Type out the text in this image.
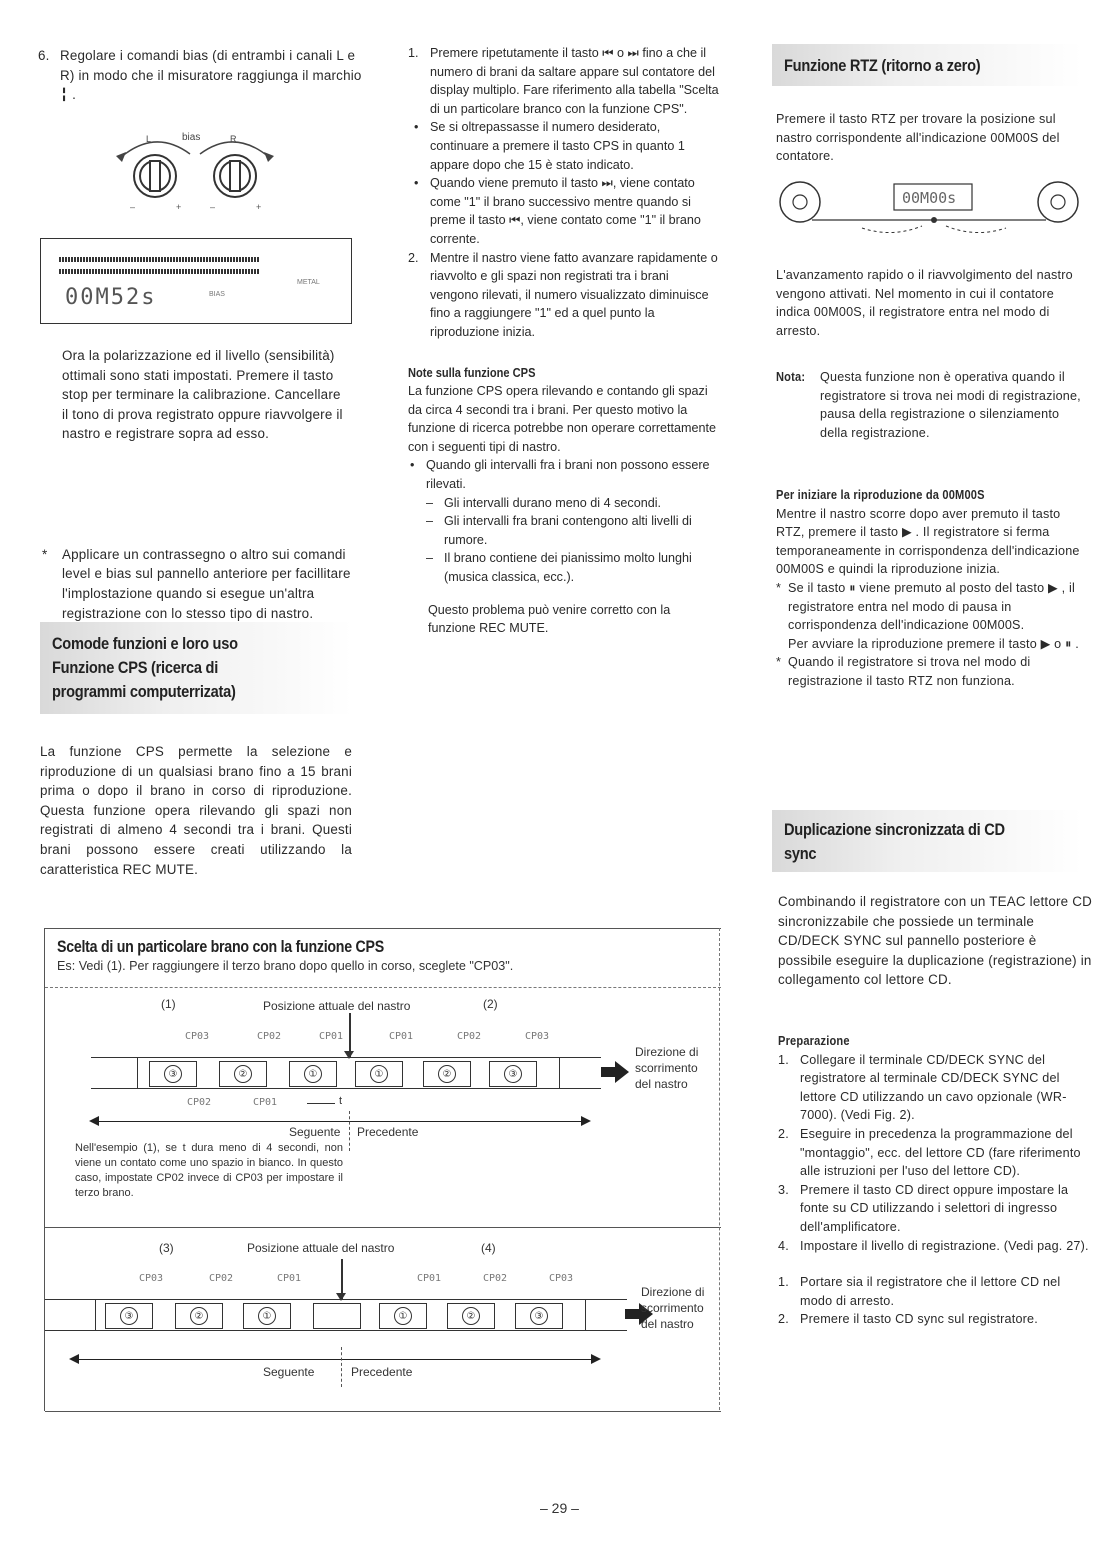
6. Regolare i comandi bias (di entrambi i canali L e R) in modo che il misuratore raggiunga il marchio ╏ .
bias
L	R
–	+	–	+
00M52s	BIAS
METAL
Ora la polarizzazione ed il livello (sensibilità) ottimali sono stati impostati. Premere il tasto stop per terminare la calibrazione. Cancellare il tono di prova registrato oppure riavvolgere il nastro e registrare sopra ad esso.
* Applicare un contrassegno o altro sui comandi level e bias sul pannello anteriore per facillitare l'implostazione quando si esegue un'altra registrazione con lo stesso tipo di nastro.
Comode funzioni e loro uso
Funzione CPS (ricerca di
programmi computerrizata)
La funzione CPS permette la selezione e riproduzione di un qualsiasi brano fino a 15 brani prima o dopo il brano in corso di riproduzione. Questa funzione opera rilevando gli spazi non registrati di almeno 4 secondi tra i brani. Questi brani possono essere creati utilizzando la caratteristica REC MUTE.
1. Premere ripetutamente il tasto ⏮ o ⏭ fino a che il numero di brani da saltare appare sul contatore del display multiplo. Fare riferimento alla tabella "Scelta di un particolare branco con la funzione CPS".
• Se si oltrepassasse il numero desiderato, continuare a premere il tasto CPS in quanto 1 appare dopo che 15 è stato indicato.
• Quando viene premuto il tasto ⏭, viene contato come "1" il brano successivo mentre quando si preme il tasto ⏮, viene contato come "1" il brano corrente.
2. Mentre il nastro viene fatto avanzare rapidamente o riavvolto e gli spazi non registrati tra i brani vengono rilevati, il numero visualizzato diminuisce fino a raggiungere "1" ed a quel punto la riproduzione inizia.
Note sulla funzione CPS
La funzione CPS opera rilevando e contando gli spazi da circa 4 secondi tra i brani. Per questo motivo la funzione di ricerca potrebbe non operare correttamente con i seguenti tipi di nastro.
• Quando gli intervalli fra i brani non possono essere rilevati.
– Gli intervalli durano meno di 4 secondi.
– Gli intervalli fra brani contengono alti livelli di rumore.
– Il brano contiene dei pianissimo molto lunghi (musica classica, ecc.).
Questo problema può venire corretto con la funzione REC MUTE.
Funzione RTZ (ritorno a zero)
Premere il tasto RTZ per trovare la posizione sul nastro corrispondente all'indicazione 00M00S del contatore.
00M00s
L'avanzamento rapido o il riavvolgimento del nastro vengono attivati. Nel momento in cui il contatore indica 00M00S, il registratore entra nel modo di arresto.
Nota:	Questa funzione non è operativa quando il registratore si trova nei modi di registrazione, pausa della registrazione o silenziamento della registrazione.
Per iniziare la riproduzione da 00M00S
Mentre il nastro scorre dopo aver premuto il tasto RTZ, premere il tasto ▶ . Il registratore si ferma temporaneamente in corrispondenza dell'indicazione 00M00S e quindi la riproduzione inizia.
* Se il tasto ⏸ viene premuto al posto del tasto ▶ , il registratore entra nel modo di pausa in corrispondenza dell'indicazione 00M00S.
Per avviare la riproduzione premere il tasto ▶ o ⏸ .
* Quando il registratore si trova nel modo di registrazione il tasto RTZ non funziona.
Duplicazione sincronizzata di CD
sync
Combinando il registratore con un TEAC lettore CD sincronizzabile che possiede un terminale CD/DECK SYNC sul pannello posteriore è possibile eseguire la duplicazione (registrazione) in collegamento col lettore CD.
Preparazione
1. Collegare il terminale CD/DECK SYNC del registratore al terminale CD/DECK SYNC del lettore CD utilizzando un cavo opzionale (WR-7000). (Vedi Fig. 2).
2. Eseguire in precedenza la programmazione del "montaggio", ecc. del lettore CD (fare riferimento alle istruzioni per l'uso del lettore CD).
3. Premere il tasto CD direct oppure impostare la fonte su CD utilizzando i selettori di ingresso dell'amplificatore.
4. Impostare il livello di registrazione. (Vedi pag. 27).
1. Portare sia il registratore che il lettore CD nel modo di arresto.
2. Premere il tasto CD sync sul registratore.
Scelta di un particolare brano con la funzione CPS
Es: Vedi (1). Per raggiungere il terzo brano dopo quello in corso, sceglete "CP03".
(1)	Posizione attuale del nastro	(2)
CP03	CP02	CP01	CP01	CP02	CP03
③	②	①	①	②	③
Direzione di
scorrimento
del nastro
CP02	CP01	t
Seguente Precedente
Nell'esempio (1), se t dura meno di 4 secondi, non viene un contato come uno spazio in bianco. In questo caso, impostate CP02 invece di CP03 per impostare il terzo brano.
(3)	Posizione attuale del nastro	(4)
CP03	CP02	CP01	CP01	CP02	CP03
③	②	①	①	②	③
Direzione di
scorrimento
del nastro
Seguente	Precedente
– 29 –
